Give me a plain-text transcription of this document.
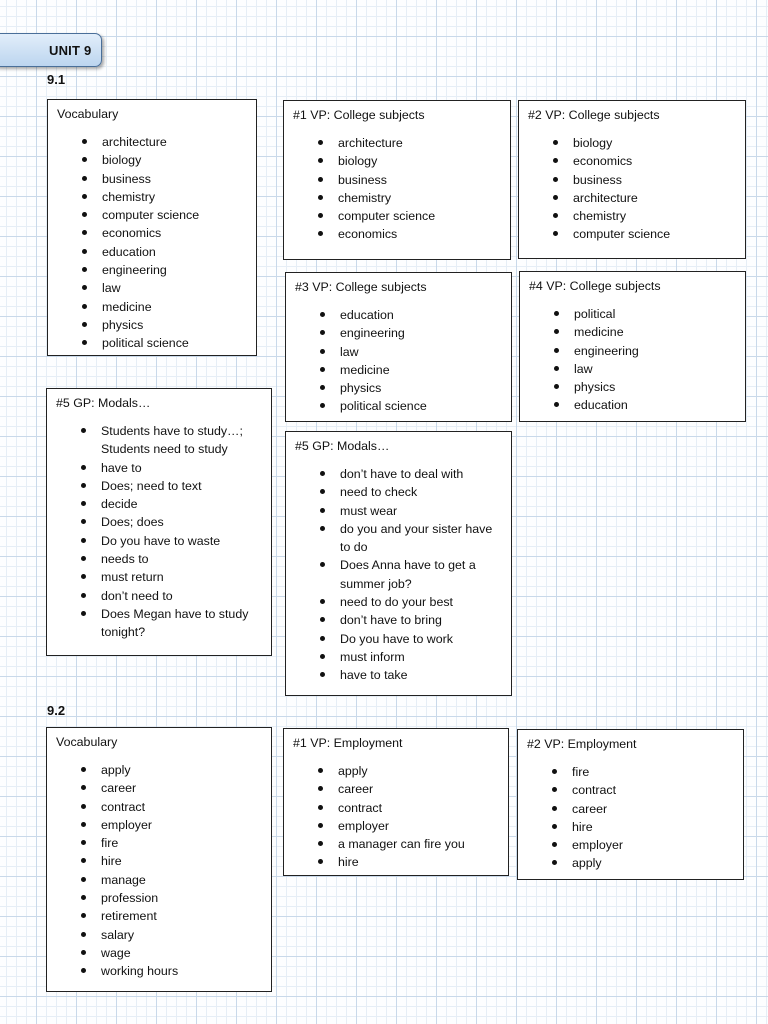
UNIT 9
9.1
9.2
Vocabulary
architecture
biology
business
chemistry
computer science
economics
education
engineering
law
medicine
physics
political science
#1 VP: College subjects
architecture
biology
business
chemistry
computer science
economics
#2 VP: College subjects
biology
economics
business
architecture
chemistry
computer science
#3 VP: College subjects
education
engineering
law
medicine
physics
political science
#4 VP: College subjects
political
medicine
engineering
law
physics
education
#5 GP: Modals…
Students have to study…; Students need to study
have to
Does; need to text
decide
Does; does
Do you have to waste
needs to
must return
don’t need to
Does Megan have to study tonight?
#5 GP: Modals…
don’t have to deal with
need to check
must wear
do you and your sister have to do
Does Anna have to get a summer job?
need to do your best
don’t have to bring
Do you have to work
must inform
have to take
Vocabulary
apply
career
contract
employer
fire
hire
manage
profession
retirement
salary
wage
working hours
#1 VP: Employment
apply
career
contract
employer
a manager can fire you
hire
#2 VP: Employment
fire
contract
career
hire
employer
apply
